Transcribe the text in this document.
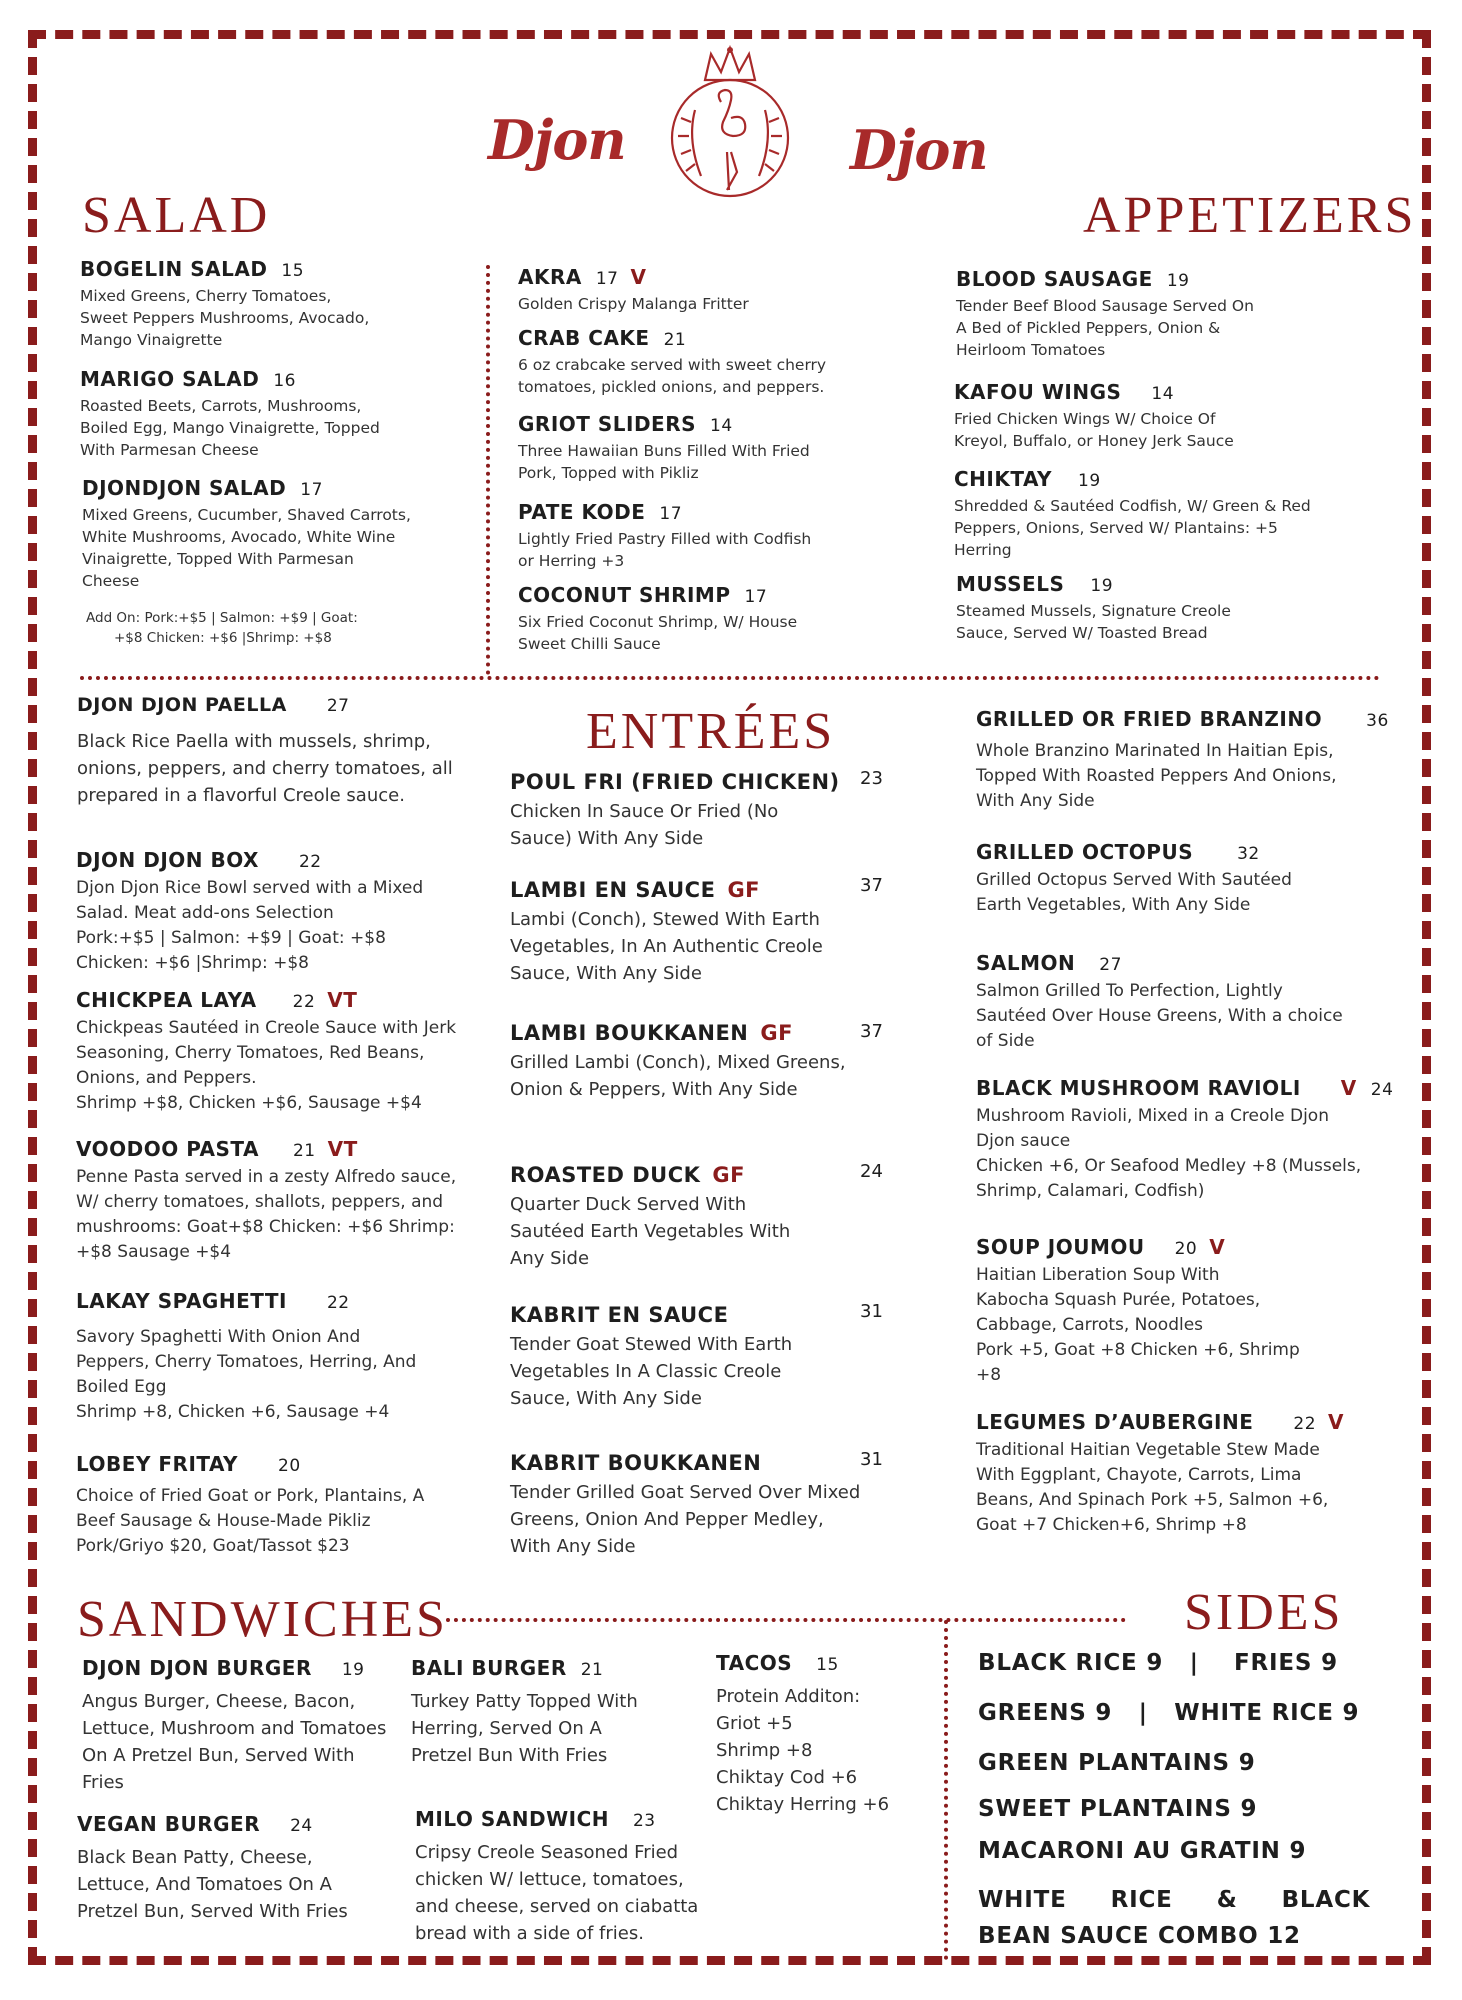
Djon	Djon
SALAD	APPETIZERS
ENTRÉES
SANDWICHES	SIDES
BOGELIN SALAD 15
Mixed Greens, Cherry Tomatoes,
Sweet Peppers Mushrooms, Avocado,
Mango Vinaigrette
MARIGO SALAD 16
Roasted Beets, Carrots, Mushrooms,
Boiled Egg, Mango Vinaigrette, Topped
With Parmesan Cheese
DJONDJON SALAD 17
Mixed Greens, Cucumber, Shaved Carrots,
White Mushrooms, Avocado, White Wine
Vinaigrette, Topped With Parmesan
Cheese
Add On: Pork:+$5 | Salmon: +$9 | Goat:
+$8 Chicken: +$6 |Shrimp: +$8
AKRA 17 V
Golden Crispy Malanga Fritter
CRAB CAKE 21
6 oz crabcake served with sweet cherry
tomatoes, pickled onions, and peppers.
GRIOT SLIDERS 14
Three Hawaiian Buns Filled With Fried
Pork, Topped with Pikliz
PATE KODE 17
Lightly Fried Pastry Filled with Codfish
or Herring +3
COCONUT SHRIMP 17
Six Fried Coconut Shrimp, W/ House
Sweet Chilli Sauce
BLOOD SAUSAGE 19
Tender Beef Blood Sausage Served On
A Bed of Pickled Peppers, Onion &
Heirloom Tomatoes
KAFOU WINGS 14
Fried Chicken Wings W/ Choice Of
Kreyol, Buffalo, or Honey Jerk Sauce
CHIKTAY 19
Shredded & Sautéed Codfish, W/ Green & Red
Peppers, Onions, Served W/ Plantains: +5
Herring
MUSSELS 19
Steamed Mussels, Signature Creole
Sauce, Served W/ Toasted Bread
DJON DJON PAELLA 27
Black Rice Paella with mussels, shrimp,
onions, peppers, and cherry tomatoes, all
prepared in a flavorful Creole sauce.
DJON DJON BOX 22
Djon Djon Rice Bowl served with a Mixed
Salad. Meat add-ons Selection
Pork:+$5 | Salmon: +$9 | Goat: +$8
Chicken: +$6 |Shrimp: +$8
CHICKPEA LAYA 22 VT
Chickpeas Sautéed in Creole Sauce with Jerk
Seasoning, Cherry Tomatoes, Red Beans,
Onions, and Peppers.
Shrimp +$8, Chicken +$6, Sausage +$4
VOODOO PASTA 21 VT
Penne Pasta served in a zesty Alfredo sauce,
W/ cherry tomatoes, shallots, peppers, and
mushrooms: Goat+$8 Chicken: +$6 Shrimp:
+$8 Sausage +$4
LAKAY SPAGHETTI 22
Savory Spaghetti With Onion And
Peppers, Cherry Tomatoes, Herring, And
Boiled Egg
Shrimp +8, Chicken +6, Sausage +4
LOBEY FRITAY 20
Choice of Fried Goat or Pork, Plantains, A
Beef Sausage & House-Made Pikliz
Pork/Griyo $20, Goat/Tassot $23
POUL FRI (FRIED CHICKEN)
Chicken In Sauce Or Fried (No
Sauce) With Any Side
23
LAMBI EN SAUCE GF
Lambi (Conch), Stewed With Earth
Vegetables, In An Authentic Creole
Sauce, With Any Side
37
LAMBI BOUKKANEN GF
Grilled Lambi (Conch), Mixed Greens,
Onion & Peppers, With Any Side
37
ROASTED DUCK GF
Quarter Duck Served With
Sautéed Earth Vegetables With
Any Side
24
KABRIT EN SAUCE
Tender Goat Stewed With Earth
Vegetables In A Classic Creole
Sauce, With Any Side
31
KABRIT BOUKKANEN
Tender Grilled Goat Served Over Mixed
Greens, Onion And Pepper Medley,
With Any Side
31
GRILLED OR FRIED BRANZINO	36
Whole Branzino Marinated In Haitian Epis,
Topped With Roasted Peppers And Onions,
With Any Side
GRILLED OCTOPUS	32
Grilled Octopus Served With Sautéed
Earth Vegetables, With Any Side
SALMON 27
Salmon Grilled To Perfection, Lightly
Sautéed Over House Greens, With a choice
of Side
BLACK MUSHROOM RAVIOLI V 24
Mushroom Ravioli, Mixed in a Creole Djon
Djon sauce
Chicken +6, Or Seafood Medley +8 (Mussels,
Shrimp, Calamari, Codfish)
SOUP JOUMOU 20 V
Haitian Liberation Soup With
Kabocha Squash Purée, Potatoes,
Cabbage, Carrots, Noodles
Pork +5, Goat +8 Chicken +6, Shrimp
+8
LEGUMES D’AUBERGINE 22 V
Traditional Haitian Vegetable Stew Made
With Eggplant, Chayote, Carrots, Lima
Beans, And Spinach Pork +5, Salmon +6,
Goat +7 Chicken+6, Shrimp +8
DJON DJON BURGER 19
Angus Burger, Cheese, Bacon,
Lettuce, Mushroom and Tomatoes
On A Pretzel Bun, Served With
Fries
VEGAN BURGER 24
Black Bean Patty, Cheese,
Lettuce, And Tomatoes On A
Pretzel Bun, Served With Fries
BALI BURGER 21
Turkey Patty Topped With
Herring, Served On A
Pretzel Bun With Fries
MILO SANDWICH 23
Cripsy Creole Seasoned Fried
chicken W/ lettuce, tomatoes,
and cheese, served on ciabatta
bread with a side of fries.
TACOS 15
Protein Additon:
Griot +5
Shrimp +8
Chiktay Cod +6
Chiktay Herring +6
BLACK RICE 9   |    FRIES 9
GREENS 9   |   WHITE RICE 9
GREEN PLANTAINS 9
SWEET PLANTAINS 9
MACARONI AU GRATIN 9
WHITE     RICE     &     BLACK
BEAN SAUCE COMBO 12
